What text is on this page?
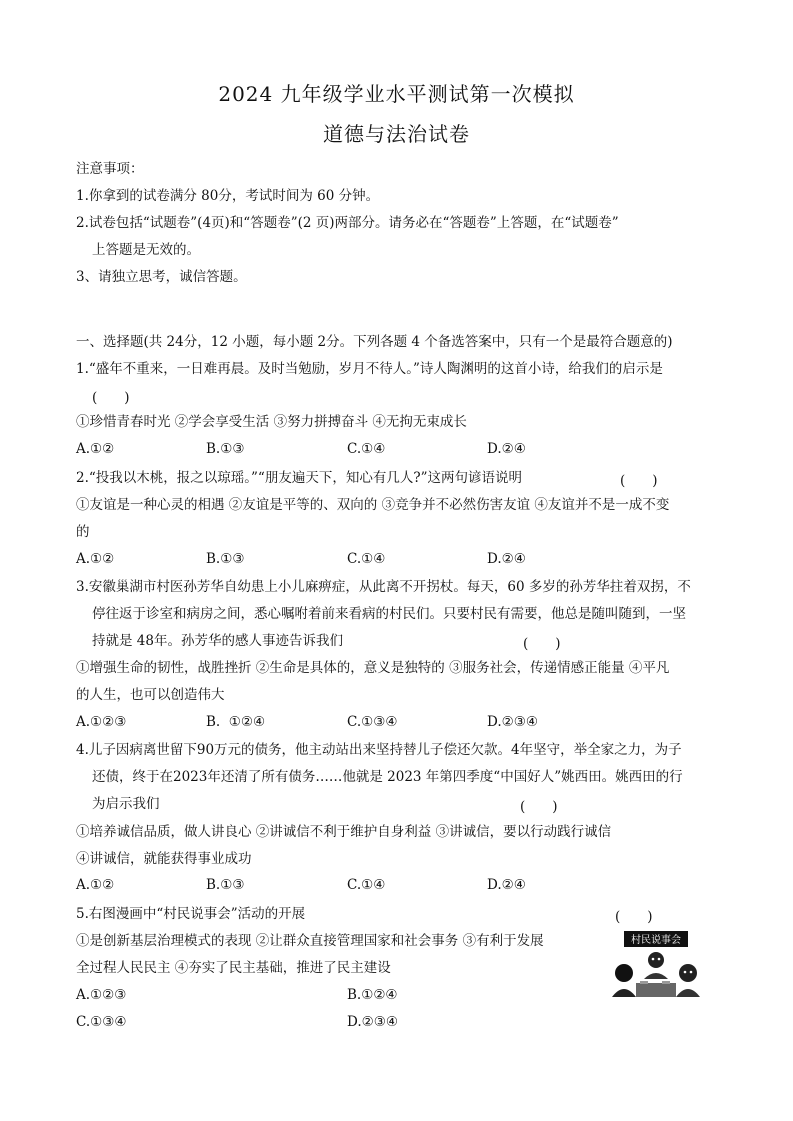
2024 九年级学业水平测试第一次模拟
道德与法治试卷
注意事项：
1.你拿到的试卷满分 80分，考试时间为 60 分钟。
2.试卷包括“试题卷”(4页)和“答题卷”(2 页)两部分。请务必在“答题卷”上答题，在“试题卷”
上答题是无效的。
3、请独立思考，诚信答题。
一、选择题(共 24分，12 小题，每小题 2分。下列各题 4 个备选答案中，只有一个是最符合题意的)
1.“盛年不重来，一日难再晨。及时当勉励，岁月不待人。”诗人陶渊明的这首小诗，给我们的启示是
(　　)
①珍惜青春时光 ②学会享受生活 ③努力拼搏奋斗 ④无拘无束成长
A.①②	B.①③	C.①④	D.②④
2.“投我以木桃，报之以琼瑶。”“朋友遍天下，知心有几人?”这两句谚语说明	(　　)
①友谊是一种心灵的相遇 ②友谊是平等的、双向的 ③竞争并不必然伤害友谊 ④友谊并不是一成不变
的
A.①②	B.①③	C.①④	D.②④
3.安徽巢湖市村医孙芳华自幼患上小儿麻痹症，从此离不开拐杖。每天，60 多岁的孙芳华拄着双拐，不
停往返于诊室和病房之间，悉心嘱咐着前来看病的村民们。只要村民有需要，他总是随叫随到，一坚
持就是 48年。孙芳华的感人事迹告诉我们	(　　)
①增强生命的韧性，战胜挫折 ②生命是具体的，意义是独特的 ③服务社会，传递情感正能量 ④平凡
的人生，也可以创造伟大
A.①②③	B.  ①②④	C.①③④	D.②③④
4.儿子因病离世留下90万元的债务，他主动站出来坚持替儿子偿还欠款。4年坚守，举全家之力，为子
还债，终于在2023年还清了所有债务……他就是 2023 年第四季度“中国好人”姚西田。姚西田的行
为启示我们	(　　)
①培养诚信品质，做人讲良心 ②讲诚信不利于维护自身利益 ③讲诚信，要以行动践行诚信
④讲诚信，就能获得事业成功
A.①②	B.①③	C.①④	D.②④
5.右图漫画中“村民说事会”活动的开展	(　　)
①是创新基层治理模式的表现 ②让群众直接管理国家和社会事务 ③有利于发展
全过程人民民主 ④夯实了民主基础，推进了民主建设
A.①②③	B.①②④
C.①③④	D.②③④
村民说事会
